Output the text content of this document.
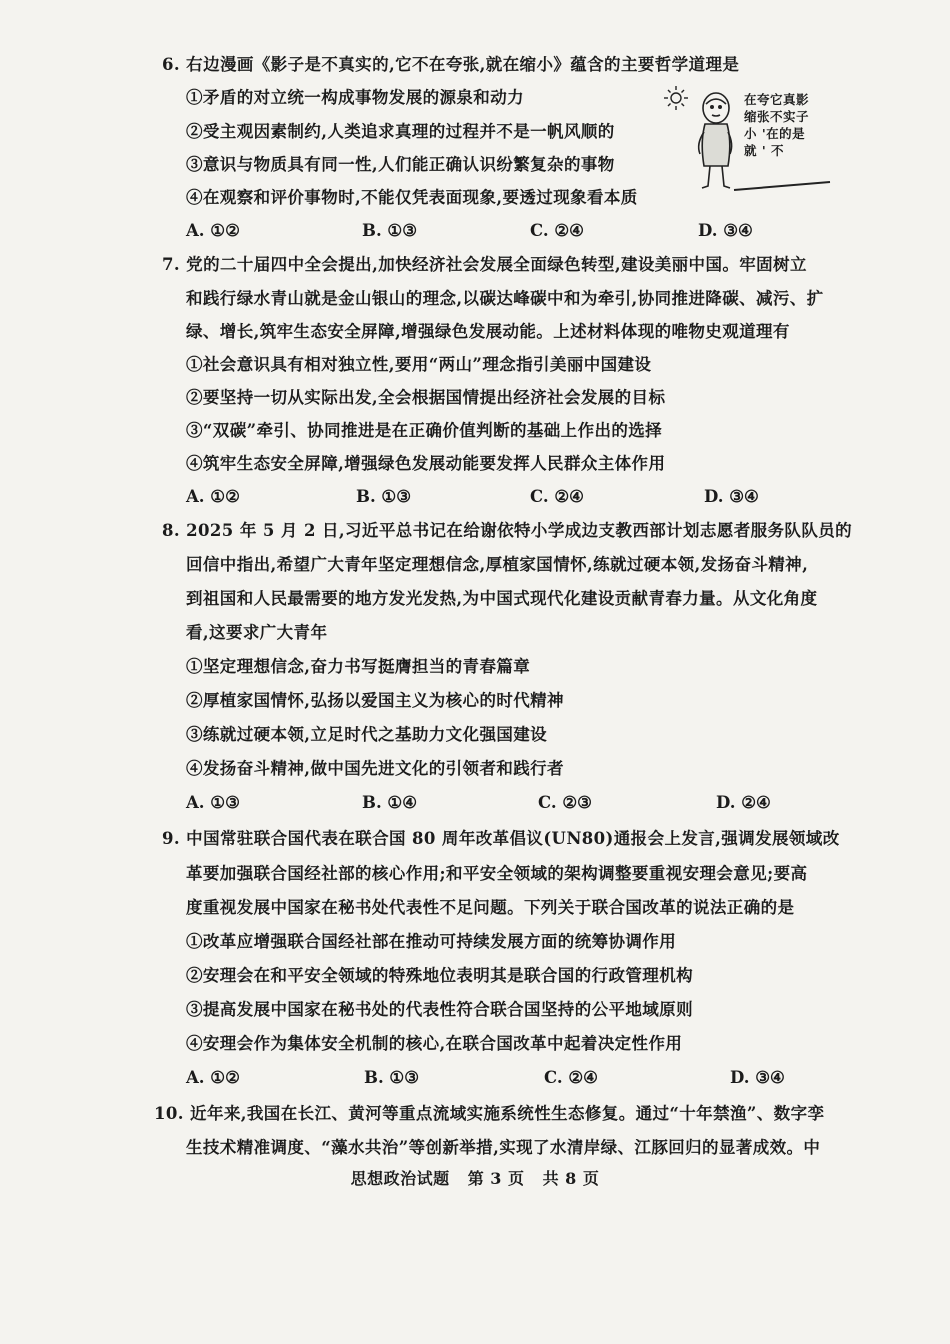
6. 右边漫画《影子是不真实的,它不在夸张,就在缩小》蕴含的主要哲学道理是
①矛盾的对立统一构成事物发展的源泉和动力
②受主观因素制约,人类追求真理的过程并不是一帆风顺的
③意识与物质具有同一性,人们能正确认识纷繁复杂的事物
④在观察和评价事物时,不能仅凭表面现象,要透过现象看本质
A. ①②	B. ①③	C. ②④	D. ③④
在夸它真影
缩张不实子
小 '在的是
就 ' 不
7. 党的二十届四中全会提出,加快经济社会发展全面绿色转型,建设美丽中国。牢固树立
和践行绿水青山就是金山银山的理念,以碳达峰碳中和为牵引,协同推进降碳、减污、扩
绿、增长,筑牢生态安全屏障,增强绿色发展动能。上述材料体现的唯物史观道理有
①社会意识具有相对独立性,要用“两山”理念指引美丽中国建设
②要坚持一切从实际出发,全会根据国情提出经济社会发展的目标
③“双碳”牵引、协同推进是在正确价值判断的基础上作出的选择
④筑牢生态安全屏障,增强绿色发展动能要发挥人民群众主体作用
A. ①②	B. ①③	C. ②④	D. ③④
8. 2025 年 5 月 2 日,习近平总书记在给谢依特小学成边支教西部计划志愿者服务队队员的
回信中指出,希望广大青年坚定理想信念,厚植家国情怀,练就过硬本领,发扬奋斗精神,
到祖国和人民最需要的地方发光发热,为中国式现代化建设贡献青春力量。从文化角度
看,这要求广大青年
①坚定理想信念,奋力书写挺膺担当的青春篇章
②厚植家国情怀,弘扬以爱国主义为核心的时代精神
③练就过硬本领,立足时代之基助力文化强国建设
④发扬奋斗精神,做中国先进文化的引领者和践行者
A. ①③	B. ①④	C. ②③	D. ②④
9. 中国常驻联合国代表在联合国 80 周年改革倡议(UN80)通报会上发言,强调发展领域改
革要加强联合国经社部的核心作用;和平安全领域的架构调整要重视安理会意见;要高
度重视发展中国家在秘书处代表性不足问题。下列关于联合国改革的说法正确的是
①改革应增强联合国经社部在推动可持续发展方面的统筹协调作用
②安理会在和平安全领域的特殊地位表明其是联合国的行政管理机构
③提高发展中国家在秘书处的代表性符合联合国坚持的公平地域原则
④安理会作为集体安全机制的核心,在联合国改革中起着决定性作用
A. ①②	B. ①③	C. ②④	D. ③④
10. 近年来,我国在长江、黄河等重点流域实施系统性生态修复。通过“十年禁渔”、数字孪
生技术精准调度、“藻水共治”等创新举措,实现了水清岸绿、江豚回归的显著成效。中
思想政治试题 第 3 页 共 8 页
